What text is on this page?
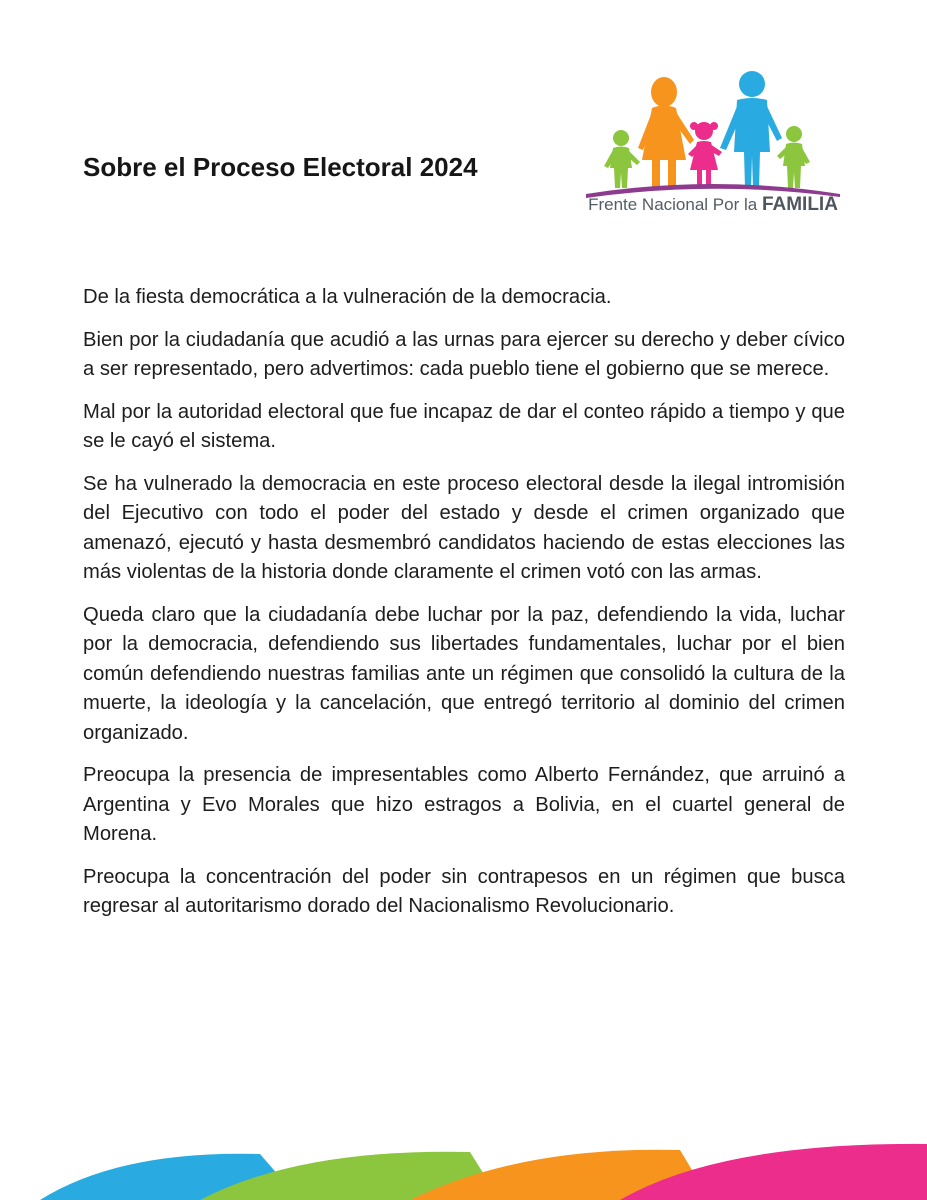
Sobre el Proceso Electoral 2024
Frente Nacional Por la FAMILIA

De la fiesta democrática a la vulneración de la democracia.

Bien por la ciudadanía que acudió a las urnas para ejercer su derecho y deber cívico a ser representado, pero advertimos: cada pueblo tiene el gobierno que se merece.

Mal por la autoridad electoral que fue incapaz de dar el conteo rápido a tiempo y que se le cayó el sistema.

Se ha vulnerado la democracia en este proceso electoral desde la ilegal intromisión del Ejecutivo con todo el poder del estado y desde el crimen organizado que amenazó, ejecutó y hasta desmembró candidatos haciendo de estas elecciones las más violentas de la historia donde claramente el crimen votó con las armas.

Queda claro que la ciudadanía debe luchar por la paz, defendiendo la vida, luchar por la democracia, defendiendo sus libertades fundamentales, luchar por el bien común defendiendo nuestras familias ante un régimen que consolidó la cultura de la muerte, la ideología y la cancelación, que entregó territorio al dominio del crimen organizado.

Preocupa la presencia de impresentables como Alberto Fernández, que arruinó a Argentina y Evo Morales que hizo estragos a Bolivia, en el cuartel general de Morena.

Preocupa la concentración del poder sin contrapesos en un régimen que busca regresar al autoritarismo dorado del Nacionalismo Revolucionario.
